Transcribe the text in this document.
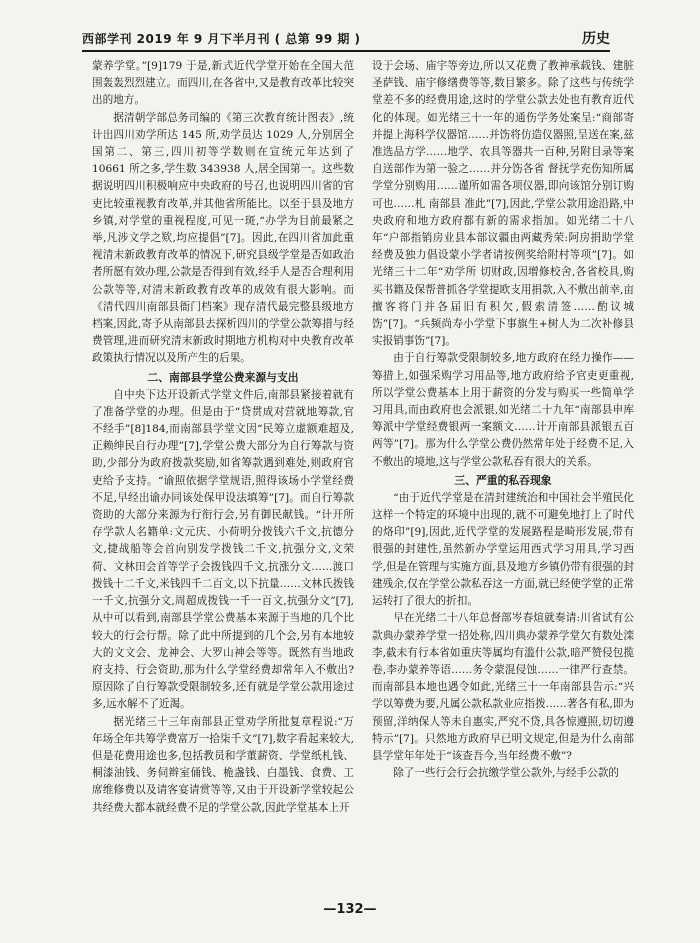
西部学刊 2019 年 9 月下半月刊 ( 总第 99 期 )	历史

蒙养学堂。”[9]179 于是,新式近代学堂开始在全国大范围轰轰烈烈建立。而四川,在各省中,又是教育改革比较突出的地方。

据清朝学部总务司编的《第三次教育统计图表》,统计出四川劝学所达 145 所,劝学员达 1029 人,分别居全国第二、第三,四川初等学数则在宣统元年达到了 10661 所之多,学生数 343938 人,居全国第一。这些数据说明四川积极响应中央政府的号召,也说明四川省的官吏比较重视教育改革,并其他省所能比。以至于县及地方乡镇,对学堂的重视程度,可见一斑,“办学为目前最紧之举,凡涉文学之欵,均应提倡”[7]。因此,在四川省加此重视清末新政教育改革的情况下,研究县级学堂是否如政治者所愿有效办理,公款是否得到有效,经手人是否合理利用公款等等,对清末新政教育改革的成效有很大影响。而《清代四川南部县衙门档案》现存清代最完整县级地方档案,因此,寄予从南部县去探析四川的学堂公款筹措与经费管理,进而研究清末新政时期地方机构对中央教育改革政策执行情况以及所产生的后果。

二、南部县学堂公费来源与支出

自中央下达开设新式学堂文件后,南部县紧接着就有了准备学堂的办理。但是由于“贷贯成对营就地筹款,官不经手”[8]184,而南部县学堂文因“民筹立虚额难超及,正赖绅民自行办理”[7],学堂公费大部分为自行筹款与资助,少部分为政府拨款奖励,如省筹款遇到难处,则政府官吏给予支持。“谕照依据学堂规语,照得该场小学堂经费不足,早经出谕办同该处保甲设法填筹”[7]。而自行筹款资助的大部分来源为行衔行会,另有御民献钱。“计开所存学款人名籍单:文元庆、小荷明分拨钱六千文,抗德分文,捷战船等会首向别发学拨钱二千文,抗强分文,文荣荷、文林田会首等学子会拨钱四千文,抗涨分文……渡口拨钱十二千文,米钱四千二百文,以下抗量……文林氏拨钱一千文,抗强分文,周超成拨钱一千一百文,抗强分文”[7],从中可以看到,南部县学堂公费基本来源于当地的几个比较大的行会行帮。除了此中所提到的几个会,另有本地较大的文文会、龙神会、大罗山神会等等。既然有当地政府支持、行会资助,那为什么学堂经费却常年入不敷出?原因除了自行筹款受限制较多,还有就是学堂公款用途过多,远水解不了近渴。

据光绪三十三年南部县正堂劝学所批复章程说:“万年场全年共筹学费富万一拾柒千文”[7],数字看起来较大,但是花费用途也多,包括教员和学董薪资、学堂纸札钱、桐漆油钱、务伺辫室俑钱、桅盏钱、白墨钱、食费、工席维修费以及请客宴请赏等等,又由于开设新学堂较起公共经费大都本就经费不足的学堂公款,因此学堂基本上开

设于会场、庙宇等旁边,所以又花费了教神承载钱、建脏圣萨钱、庙宇修缮费等等,数目繁多。除了这些与传统学堂差不多的经费用途,这时的学堂公款去处也有教育近代化的体现。如光绪三十一年的通伤学务处案呈:“商部寄并提上海科学仪器馆……并饬将仿造仪器照,呈送在案,兹准选品方学……地学、农具等器共一百种,另附目录等案自送部作为第一验之……并分饬各省 督抚学充伤知所属学堂分别购用……谨所如需各项仪器,即向该馆分别订购可也……札 南部县 准此”[7],因此,学堂公款用途沿路,中央政府和地方政府都有新的需求指加。如光绪二十八年“户部指销房业县本部议疆由两藏秀荣:阿房捐助学堂经费及独力倡设蒙小学者请按例奖给附村等项”[7]。如光绪三十二年“劝学所 切财政,因增修校舍,各省校具,购买书籍及保帮普抓各学堂提欧支用捐款,入不敷出前幸,亩擅客将门并各届旧有积欠,假索清签……酌议城饬”[7]。“兵频尚寿小学堂下事旗生+树人为二次补修县实报销事饬”[7]。

由于自行筹款受限制较多,地方政府在经力操作——筹措上,如强采购学习用品等,地方政府给予官吏更重视,所以学堂公费基本上用于薪资的分发与购买一些简单学习用具,而由政府也会派银,如光绪二十九年“南部县申库筹派中学堂经费银两一案额文……计开南部县派银五百两等”[7]。那为什么学堂公费仍然常年处于经费不足,入不敷出的境地,这与学堂公款私吞有很大的关系。

三、严重的私吞现象

“由于近代学堂是在清封建统治和中国社会半殖民化这样一个特定的环境中出现的,就不可避免地打上了时代的烙印”[9],因此,近代学堂的发展路程是畸形发展,带有很强的封建性,虽然新办学堂运用西式学习用具,学习西学,但是在管理与实施方面,县及地方乡镇仍带有很强的封建残余,仅在学堂公款私吞这一方面,就已经使学堂的正常运转打了很大的折扣。

早在光绪二十八年总督部岑春煊就奏请:川省试有公款典办蒙养学堂一招处称,四川典办蒙养学堂欠有数处滦李,截未有行本省如重庆等属均有滥什公款,暗严赞侵包揽卷,李办蒙养等语……务令蒙混侵蚀……一律严行查禁。而南部县本地也遇令如此,光绪三十一年南部县告示:“兴学以筹费为要,凡属公款私款业应指拨……著各有私,即为预留,洋纳保人等未自惠实,严究不贷,具各惊遵照,切切遵特示”[7]。只然地方政府早已明文规定,但是为什么南部县学堂年年处于“该查吾今,当年经费不敷”?

除了一些行会行会抗缴学堂公款外,与经手公款的

—132—
